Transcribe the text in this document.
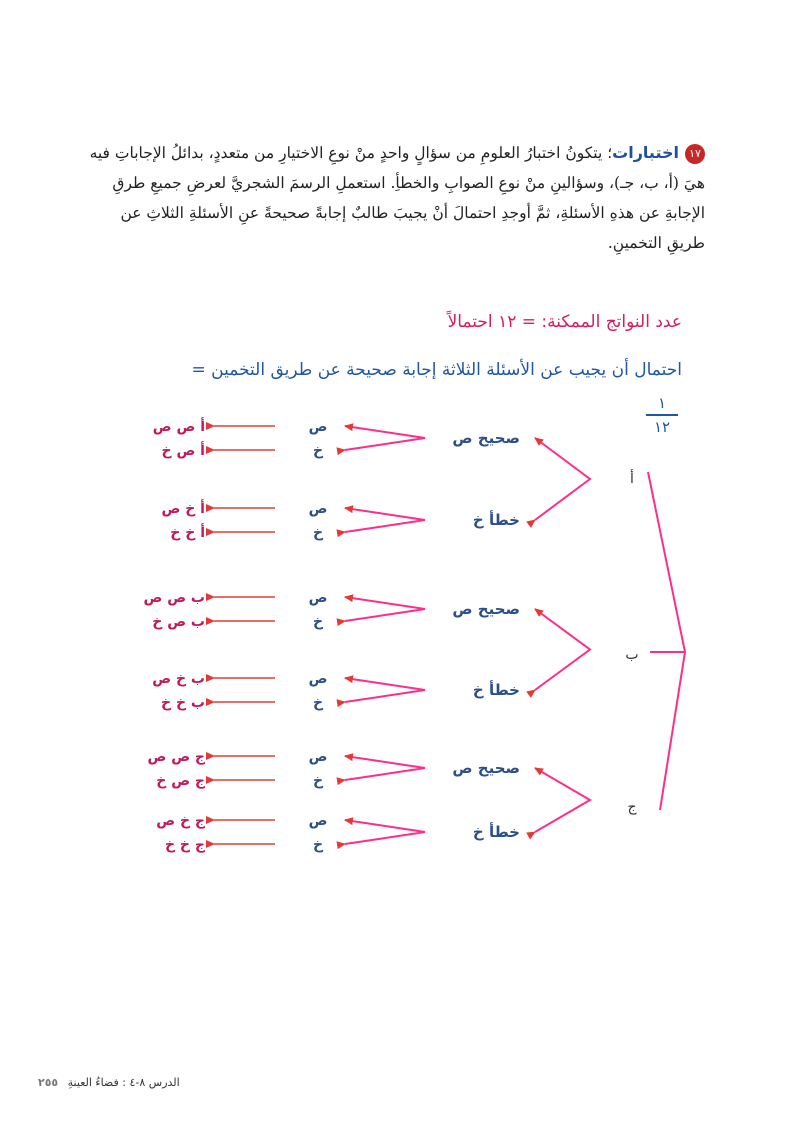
١٧اختبارات؛ يتكونُ اختبارُ العلومِ من سؤالٍ واحدٍ منْ نوعِ الاختيارِ من متعددٍ، بدائلُ الإجاباتِ فيه هيَ (أ، ب، جـ)، وسؤالينِ منْ نوعِ الصوابِ والخطأِ. استعملِ الرسمَ الشجريَّ لعرضِ جميعِ طرقِ الإجابةِ عن هذهِ الأسئلةِ، ثمَّ أوجدِ احتمالَ أنْ يجيبَ طالبٌ إجابةً صحيحةً عنِ الأسئلةِ الثلاثِ عن طريقِ التخمينِ.
عدد النواتج الممكنة: = ١٢ احتمالاً
احتمال أن يجيب عن الأسئلة الثلاثة إجابة صحيحة عن طريق التخمين =
١
١٢
أ
صحيح ص
ص
أ ص ص
خ
أ ص خ
خطأ خ
ص
أ خ ص
خ
أ خ خ
ب
صحيح ص
ص
ب ص ص
خ
ب ص خ
خطأ خ
ص
ب خ ص
خ
ب خ خ
ج
صحيح ص
ص
ج ص ص
خ
ج ص خ
خطأ خ
ص
ج خ ص
خ
ج خ خ
الدرس ٨-٤ : فضاءُ العينةِ ٢٥٥
